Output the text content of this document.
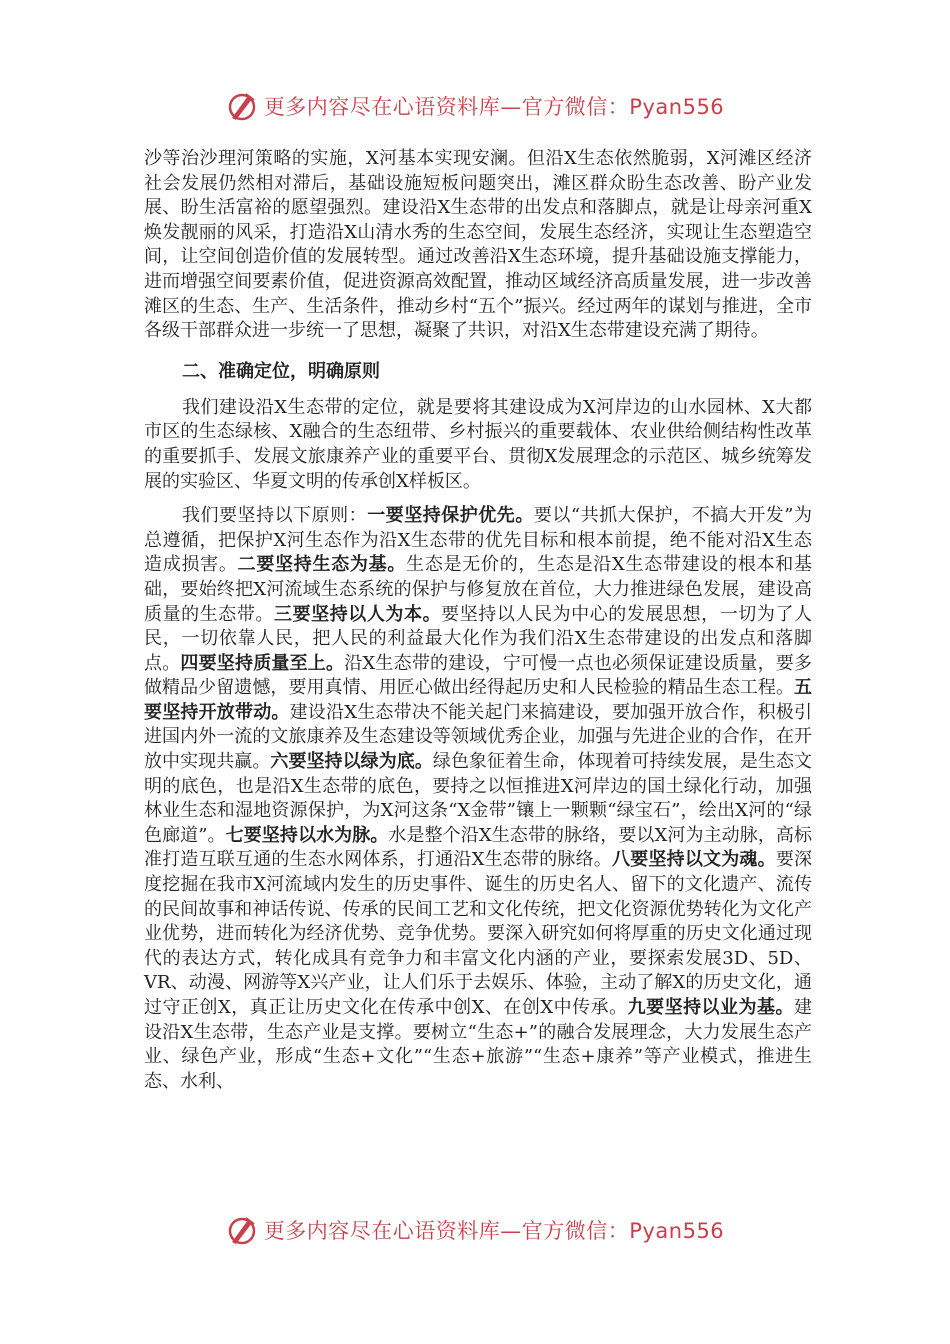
更多内容尽在心语资料库—官方微信：Pyan556

沙等治沙理河策略的实施，X河基本实现安澜。但沿X生态依然脆弱，X河滩区经济社会发展仍然相对滞后，基础设施短板问题突出，滩区群众盼生态改善、盼产业发展、盼生活富裕的愿望强烈。建设沿X生态带的出发点和落脚点，就是让母亲河重X焕发靓丽的风采，打造沿X山清水秀的生态空间，发展生态经济，实现让生态塑造空间，让空间创造价值的发展转型。通过改善沿X生态环境，提升基础设施支撑能力，进而增强空间要素价值，促进资源高效配置，推动区域经济高质量发展，进一步改善滩区的生态、生产、生活条件，推动乡村“五个”振兴。经过两年的谋划与推进，全市各级干部群众进一步统一了思想，凝聚了共识，对沿X生态带建设充满了期待。

二、准确定位，明确原则

我们建设沿X生态带的定位，就是要将其建设成为X河岸边的山水园林、X大都市区的生态绿核、X融合的生态纽带、乡村振兴的重要载体、农业供给侧结构性改革的重要抓手、发展文旅康养产业的重要平台、贯彻X发展理念的示范区、城乡统筹发展的实验区、华夏文明的传承创X样板区。

我们要坚持以下原则：一要坚持保护优先。要以“共抓大保护，不搞大开发”为总遵循，把保护X河生态作为沿X生态带的优先目标和根本前提，绝不能对沿X生态造成损害。二要坚持生态为基。生态是无价的，生态是沿X生态带建设的根本和基础，要始终把X河流域生态系统的保护与修复放在首位，大力推进绿色发展，建设高质量的生态带。三要坚持以人为本。要坚持以人民为中心的发展思想，一切为了人民，一切依靠人民，把人民的利益最大化作为我们沿X生态带建设的出发点和落脚点。四要坚持质量至上。沿X生态带的建设，宁可慢一点也必须保证建设质量，要多做精品少留遗憾，要用真情、用匠心做出经得起历史和人民检验的精品生态工程。五要坚持开放带动。建设沿X生态带决不能关起门来搞建设，要加强开放合作，积极引进国内外一流的文旅康养及生态建设等领域优秀企业，加强与先进企业的合作，在开放中实现共赢。六要坚持以绿为底。绿色象征着生命，体现着可持续发展，是生态文明的底色，也是沿X生态带的底色，要持之以恒推进X河岸边的国土绿化行动，加强林业生态和湿地资源保护，为X河这条“X金带”镶上一颗颗“绿宝石”，绘出X河的“绿色廊道”。七要坚持以水为脉。水是整个沿X生态带的脉络，要以X河为主动脉，高标准打造互联互通的生态水网体系，打通沿X生态带的脉络。八要坚持以文为魂。要深度挖掘在我市X河流域内发生的历史事件、诞生的历史名人、留下的文化遗产、流传的民间故事和神话传说、传承的民间工艺和文化传统，把文化资源优势转化为文化产业优势，进而转化为经济优势、竞争优势。要深入研究如何将厚重的历史文化通过现代的表达方式，转化成具有竞争力和丰富文化内涵的产业，要探索发展3D、5D、VR、动漫、网游等X兴产业，让人们乐于去娱乐、体验，主动了解X的历史文化，通过守正创X，真正让历史文化在传承中创X、在创X中传承。九要坚持以业为基。建设沿X生态带，生态产业是支撑。要树立“生态+”的融合发展理念，大力发展生态产业、绿色产业，形成“生态+文化”“生态+旅游”“生态+康养”等产业模式，推进生态、水利、

更多内容尽在心语资料库—官方微信：Pyan556
